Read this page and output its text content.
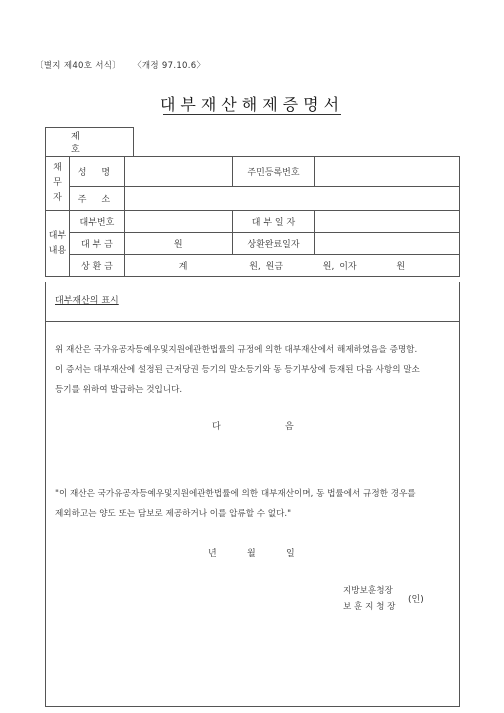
〔별지 제40호 서식〕 〈개정 97.10.6〉
대부재산해제증명서
제 호
채
무
자	성 명		주민등록번호	
	주 소			
대부
내용	대부번호		대 부 일 자	
	대 부 금	원	상환완료일자	
	상 환 금	계 원, 원금 원, 이자 원		
대부재산의 표시
위 재산은 국가유공자등예우및지원에관한법률의 규정에 의한 대부재산에서 해제하였음을 증명함.
이 증서는 대부재산에 설정된 근저당권 등기의 말소등기와 동 등기부상에 등재된 다음 사항의 말소
등기를 위하여 발급하는 것입니다.
다	음
"이 재산은 국가유공자등예우및지원에관한법률에 의한 대부재산이며, 동 법률에서 규정한 경우를
제외하고는 양도 또는 담보로 제공하거나 이를 압류할 수 없다."
년	월	일
지방보훈청장
보 훈 지 청 장
(인)
